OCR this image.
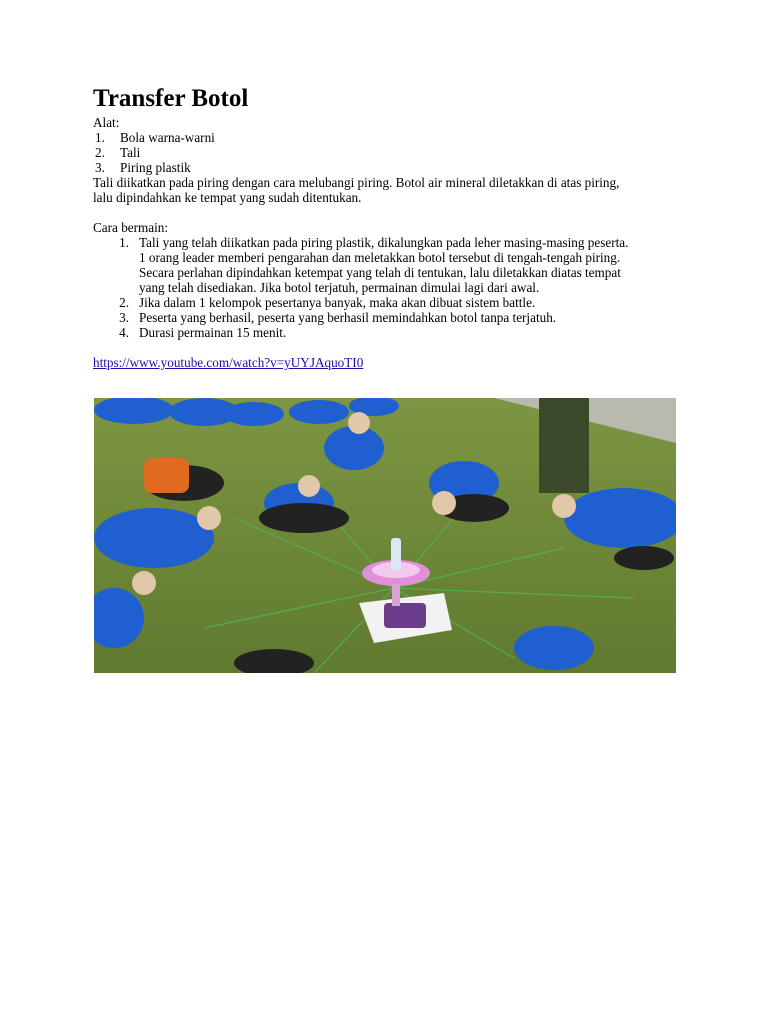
Transfer Botol

Alat:

1.	Bola warna-warni
2.	Tali
3.	Piring plastik

Tali diikatkan pada piring dengan cara melubangi piring. Botol air mineral diletakkan di atas piring,

lalu dipindahkan ke tempat yang sudah ditentukan.

Cara bermain:

1. Tali yang telah diikatkan pada piring plastik, dikalungkan pada leher masing-masing peserta.
1 orang leader memberi pengarahan dan meletakkan botol tersebut di tengah-tengah piring.
Secara perlahan dipindahkan ketempat yang telah di tentukan, lalu diletakkan diatas tempat
yang telah disediakan. Jika botol terjatuh, permainan dimulai lagi dari awal.
2. Jika dalam 1 kelompok pesertanya banyak, maka akan dibuat sistem battle.
3. Peserta yang berhasil, peserta yang berhasil memindahkan botol tanpa terjatuh.
4. Durasi permainan 15 menit.
https://www.youtube.com/watch?v=yUYJAquoTI0
